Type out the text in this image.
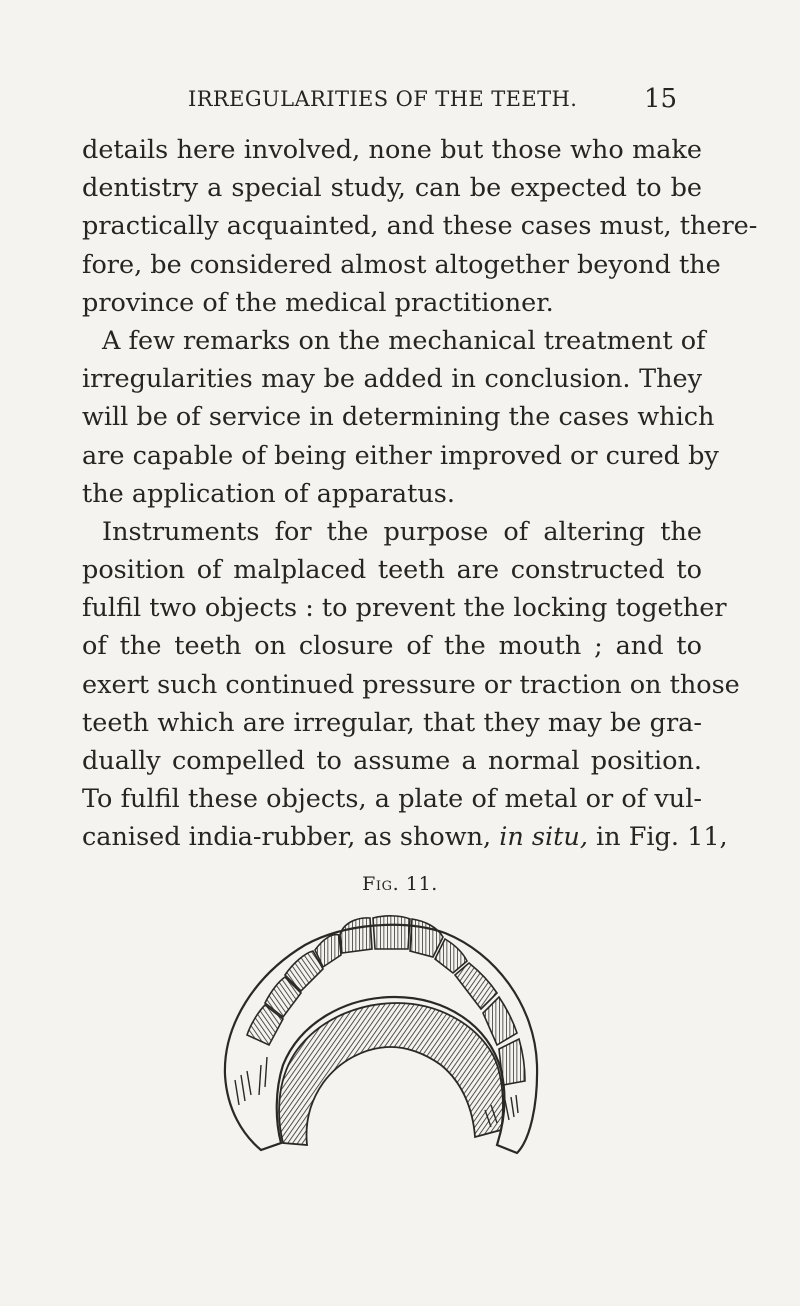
IRREGULARITIES OF THE TEETH.	15
details here involved, none but those who make
dentistry a special study, can be expected to be
practically acquainted, and these cases must, there-
fore, be considered almost altogether beyond the
province of the medical practitioner.
A few remarks on the mechanical treatment of
irregularities may be added in conclusion. They
will be of service in determining the cases which
are capable of being either improved or cured by
the application of apparatus.
Instruments for the purpose of altering the
position of malplaced teeth are constructed to
fulfil two objects : to prevent the locking together
of the teeth on closure of the mouth ; and to
exert such continued pressure or traction on those
teeth which are irregular, that they may be gra-
dually compelled to assume a normal position.
To fulfil these objects, a plate of metal or of vul-
canised india-rubber, as shown, in situ, in Fig. 11,
Fig. 11.
